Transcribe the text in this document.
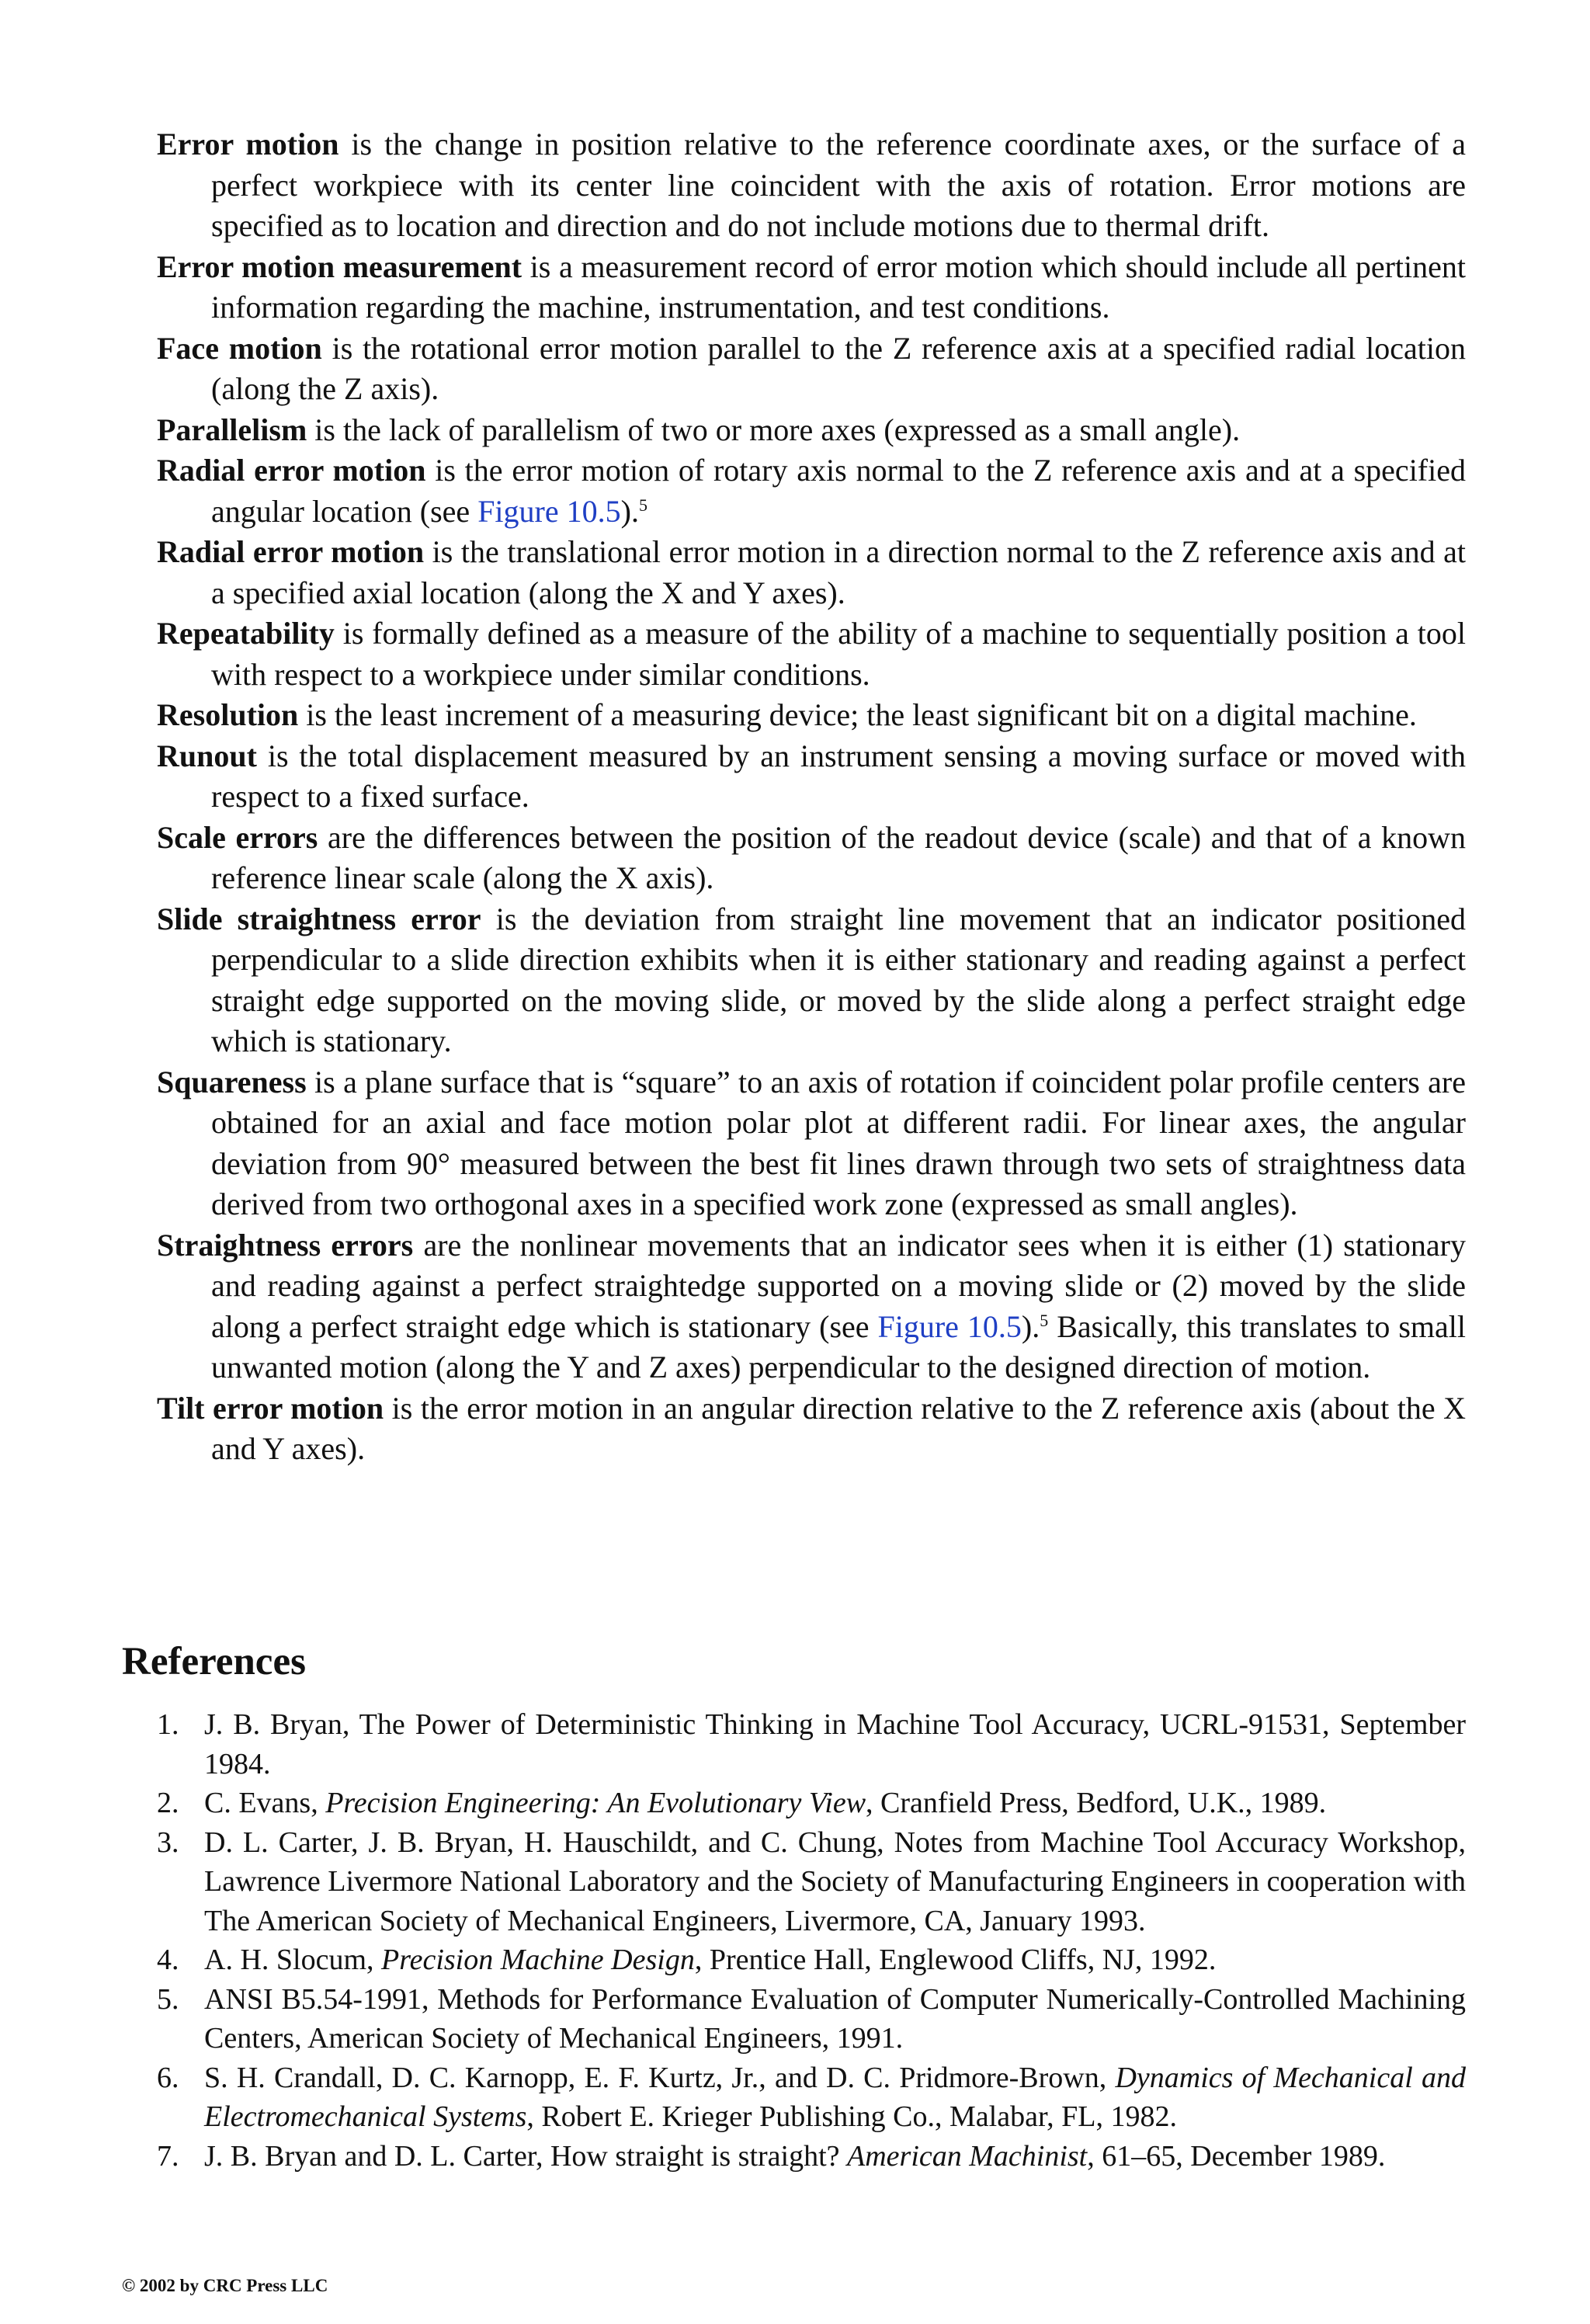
Error motion is the change in position relative to the reference coordinate axes, or the surface of a perfect workpiece with its center line coincident with the axis of rotation. Error motions are specified as to location and direction and do not include motions due to thermal drift.

Error motion measurement is a measurement record of error motion which should include all pertinent information regarding the machine, instrumentation, and test conditions.

Face motion is the rotational error motion parallel to the Z reference axis at a specified radial location (along the Z axis).

Parallelism is the lack of parallelism of two or more axes (expressed as a small angle).

Radial error motion is the error motion of rotary axis normal to the Z reference axis and at a specified angular location (see Figure 10.5).$^5$

Radial error motion is the translational error motion in a direction normal to the Z reference axis and at a specified axial location (along the X and Y axes).

Repeatability is formally defined as a measure of the ability of a machine to sequentially position a tool with respect to a workpiece under similar conditions.

Resolution is the least increment of a measuring device; the least significant bit on a digital machine.

Runout is the total displacement measured by an instrument sensing a moving surface or moved with respect to a fixed surface.

Scale errors are the differences between the position of the readout device (scale) and that of a known reference linear scale (along the X axis).

Slide straightness error is the deviation from straight line movement that an indicator positioned perpendicular to a slide direction exhibits when it is either stationary and reading against a perfect straight edge supported on the moving slide, or moved by the slide along a perfect straight edge which is stationary.

Squareness is a plane surface that is “square” to an axis of rotation if coincident polar profile centers are obtained for an axial and face motion polar plot at different radii. For linear axes, the angular deviation from 90° measured between the best fit lines drawn through two sets of straightness data derived from two orthogonal axes in a specified work zone (expressed as small angles).

Straightness errors are the nonlinear movements that an indicator sees when it is either (1) stationary and reading against a perfect straightedge supported on a moving slide or (2) moved by the slide along a perfect straight edge which is stationary (see Figure 10.5).$^5$ Basically, this translates to small unwanted motion (along the Y and Z axes) perpendicular to the designed direction of motion.

Tilt error motion is the error motion in an angular direction relative to the Z reference axis (about the X and Y axes).

References
1. J. B. Bryan, The Power of Deterministic Thinking in Machine Tool Accuracy, UCRL-91531, September 1984.
2. C. Evans, Precision Engineering: An Evolutionary View, Cranfield Press, Bedford, U.K., 1989.
3. D. L. Carter, J. B. Bryan, H. Hauschildt, and C. Chung, Notes from Machine Tool Accuracy Workshop, Lawrence Livermore National Laboratory and the Society of Manufacturing Engineers in cooperation with The American Society of Mechanical Engineers, Livermore, CA, January 1993.
4. A. H. Slocum, Precision Machine Design, Prentice Hall, Englewood Cliffs, NJ, 1992.
5. ANSI B5.54-1991, Methods for Performance Evaluation of Computer Numerically-Controlled Machining Centers, American Society of Mechanical Engineers, 1991.
6. S. H. Crandall, D. C. Karnopp, E. F. Kurtz, Jr., and D. C. Pridmore-Brown, Dynamics of Mechanical and Electromechanical Systems, Robert E. Krieger Publishing Co., Malabar, FL, 1982.
7. J. B. Bryan and D. L. Carter, How straight is straight? American Machinist, 61–65, December 1989.

© 2002 by CRC Press LLC
